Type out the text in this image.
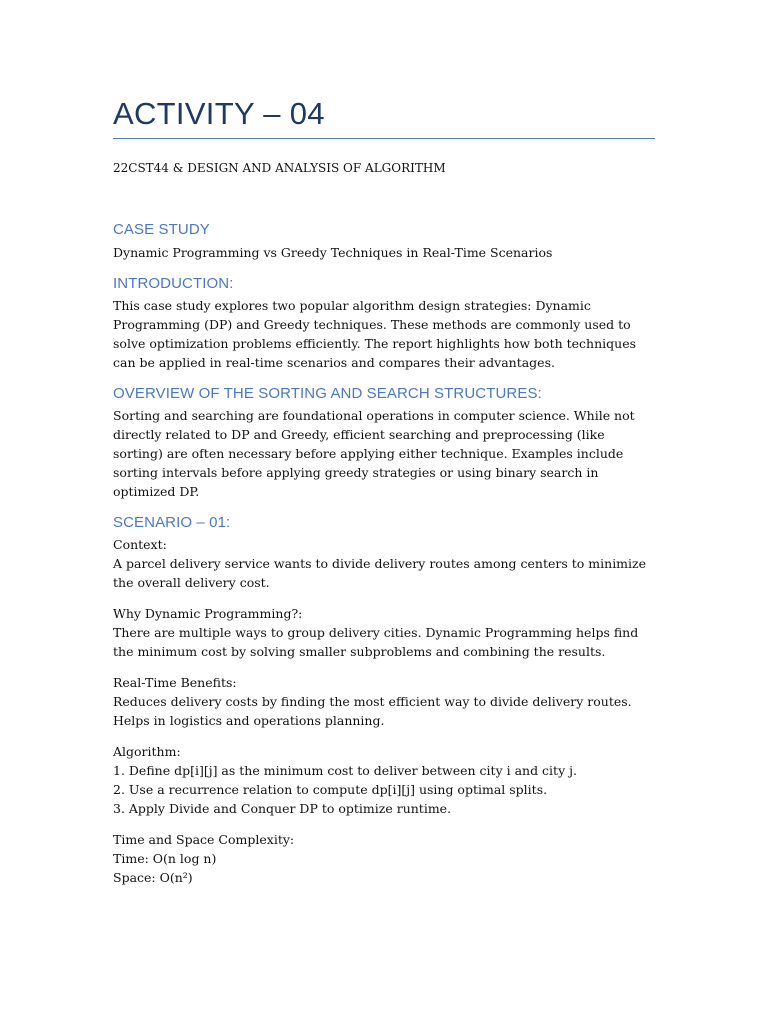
ACTIVITY – 04
22CST44 & DESIGN AND ANALYSIS OF ALGORITHM
CASE STUDY

Dynamic Programming vs Greedy Techniques in Real-Time Scenarios

INTRODUCTION:

This case study explores two popular algorithm design strategies: Dynamic Programming (DP) and Greedy techniques. These methods are commonly used to solve optimization problems efficiently. The report highlights how both techniques can be applied in real-time scenarios and compares their advantages.

OVERVIEW OF THE SORTING AND SEARCH STRUCTURES:

Sorting and searching are foundational operations in computer science. While not directly related to DP and Greedy, efficient searching and preprocessing (like sorting) are often necessary before applying either technique. Examples include sorting intervals before applying greedy strategies or using binary search in optimized DP.

SCENARIO – 01:

Context:

A parcel delivery service wants to divide delivery routes among centers to minimize the overall delivery cost.

Why Dynamic Programming?:

There are multiple ways to group delivery cities. Dynamic Programming helps find the minimum cost by solving smaller subproblems and combining the results.

Real-Time Benefits:

Reduces delivery costs by finding the most efficient way to divide delivery routes. Helps in logistics and operations planning.

Algorithm:

1. Define dp[i][j] as the minimum cost to deliver between city i and city j.

2. Use a recurrence relation to compute dp[i][j] using optimal splits.

3. Apply Divide and Conquer DP to optimize runtime.

Time and Space Complexity:

Time: O(n log n)

Space: O(n²)
